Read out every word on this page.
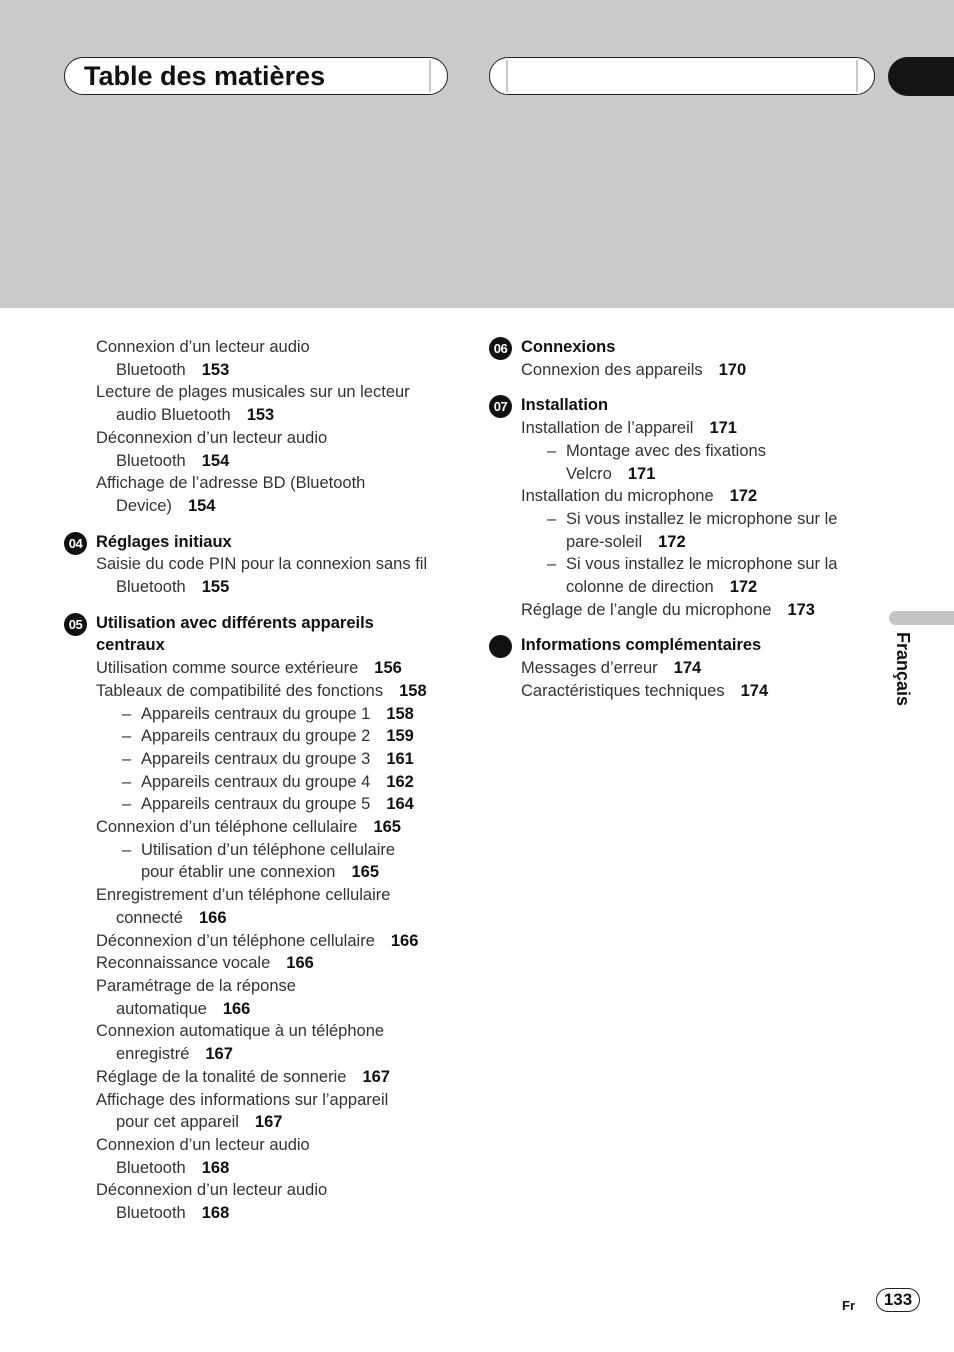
Table des matières
Connexion d’un lecteur audio
Bluetooth 153
Lecture de plages musicales sur un lecteur
audio Bluetooth 153
Déconnexion d’un lecteur audio
Bluetooth 154
Affichage de l’adresse BD (Bluetooth
Device) 154
04 Réglages initiaux
Saisie du code PIN pour la connexion sans fil
Bluetooth 155
05 Utilisation avec différents appareils
centraux
Utilisation comme source extérieure 156
Tableaux de compatibilité des fonctions 158
– Appareils centraux du groupe 1 158
– Appareils centraux du groupe 2 159
– Appareils centraux du groupe 3 161
– Appareils centraux du groupe 4 162
– Appareils centraux du groupe 5 164
Connexion d’un téléphone cellulaire 165
– Utilisation d’un téléphone cellulaire
pour établir une connexion 165
Enregistrement d’un téléphone cellulaire
connecté 166
Déconnexion d’un téléphone cellulaire 166
Reconnaissance vocale 166
Paramétrage de la réponse
automatique 166
Connexion automatique à un téléphone
enregistré 167
Réglage de la tonalité de sonnerie 167
Affichage des informations sur l’appareil
pour cet appareil 167
Connexion d’un lecteur audio
Bluetooth 168
Déconnexion d’un lecteur audio
Bluetooth 168
06 Connexions
Connexion des appareils 170
07 Installation
Installation de l’appareil 171
– Montage avec des fixations
Velcro 171
Installation du microphone 172
– Si vous installez le microphone sur le
pare-soleil 172
– Si vous installez le microphone sur la
colonne de direction 172
Réglage de l’angle du microphone 173
Informations complémentaires
Messages d’erreur 174
Caractéristiques techniques 174	Français
Fr	133
